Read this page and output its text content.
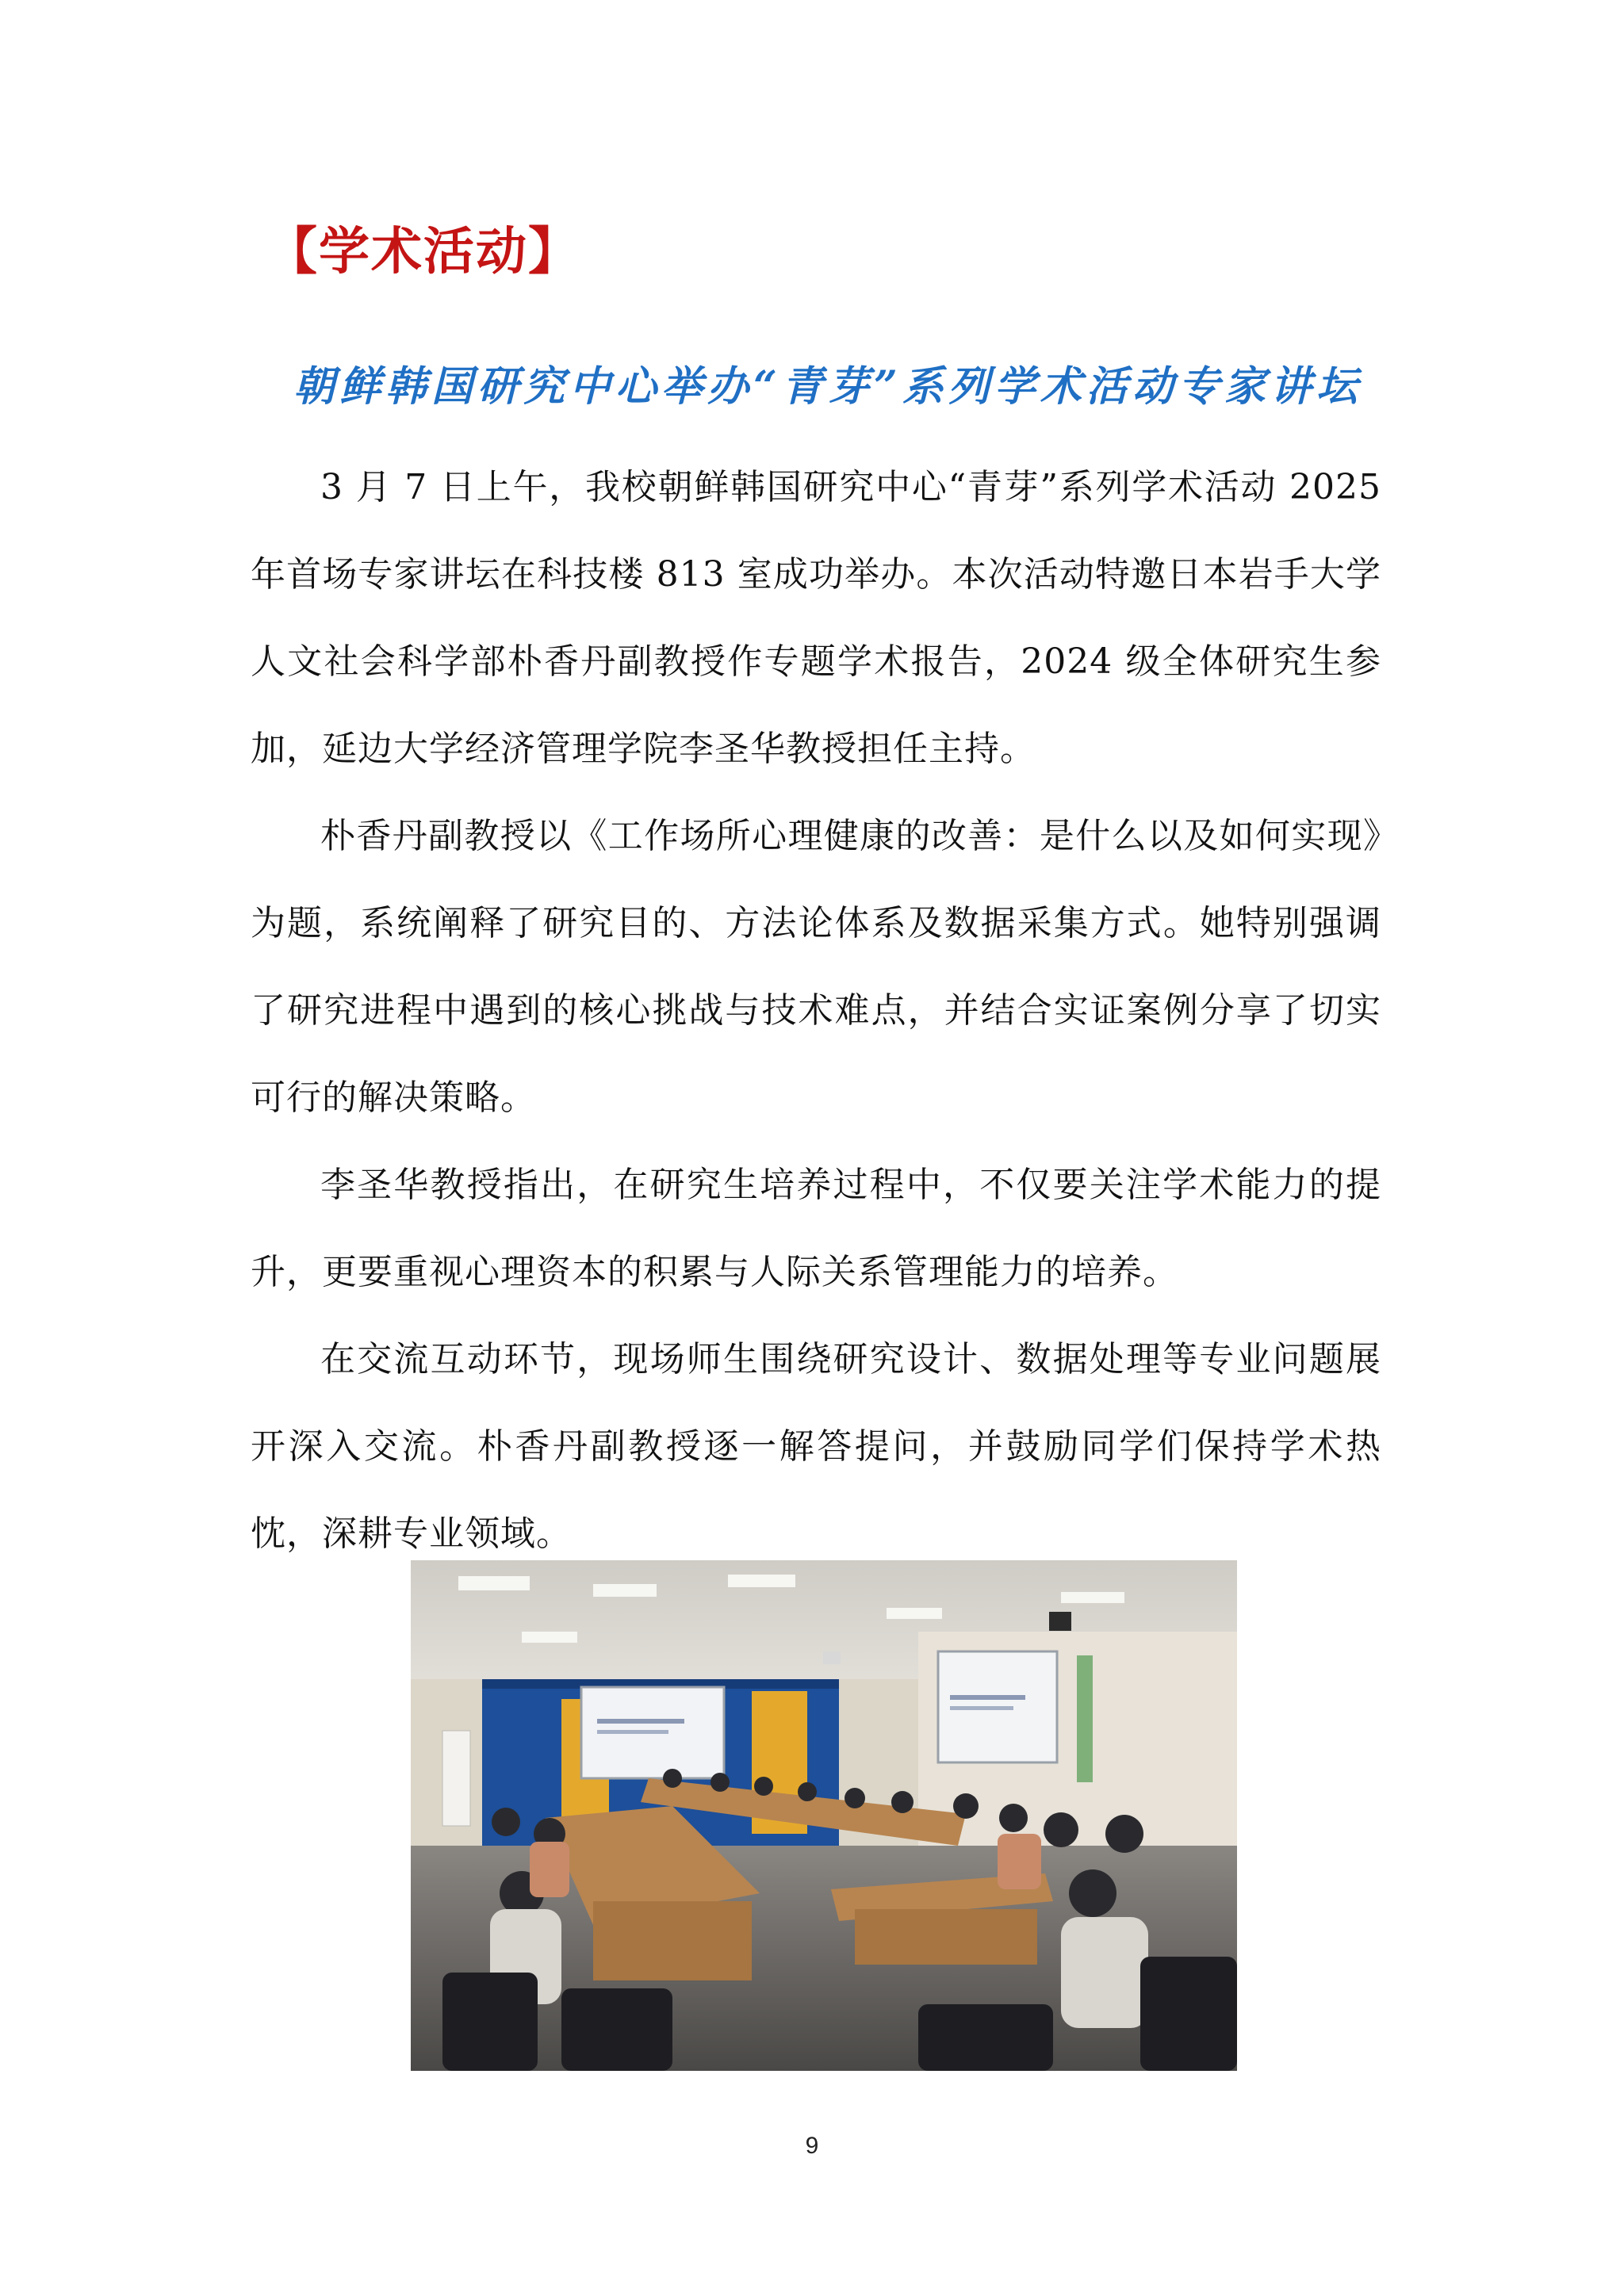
【学术活动】
朝鲜韩国研究中心举办“青芽”系列学术活动专家讲坛

3 月 7 日上午，我校朝鲜韩国研究中心“青芽”系列学术活动 2025 年首场专家讲坛在科技楼 813 室成功举办。本次活动特邀日本岩手大学人文社会科学部朴香丹副教授作专题学术报告，2024 级全体研究生参加，延边大学经济管理学院李圣华教授担任主持。

朴香丹副教授以《工作场所心理健康的改善：是什么以及如何实现》为题，系统阐释了研究目的、方法论体系及数据采集方式。她特别强调了研究进程中遇到的核心挑战与技术难点，并结合实证案例分享了切实可行的解决策略。

李圣华教授指出，在研究生培养过程中，不仅要关注学术能力的提升，更要重视心理资本的积累与人际关系管理能力的培养。

在交流互动环节，现场师生围绕研究设计、数据处理等专业问题展开深入交流。朴香丹副教授逐一解答提问，并鼓励同学们保持学术热忱，深耕专业领域。

9
